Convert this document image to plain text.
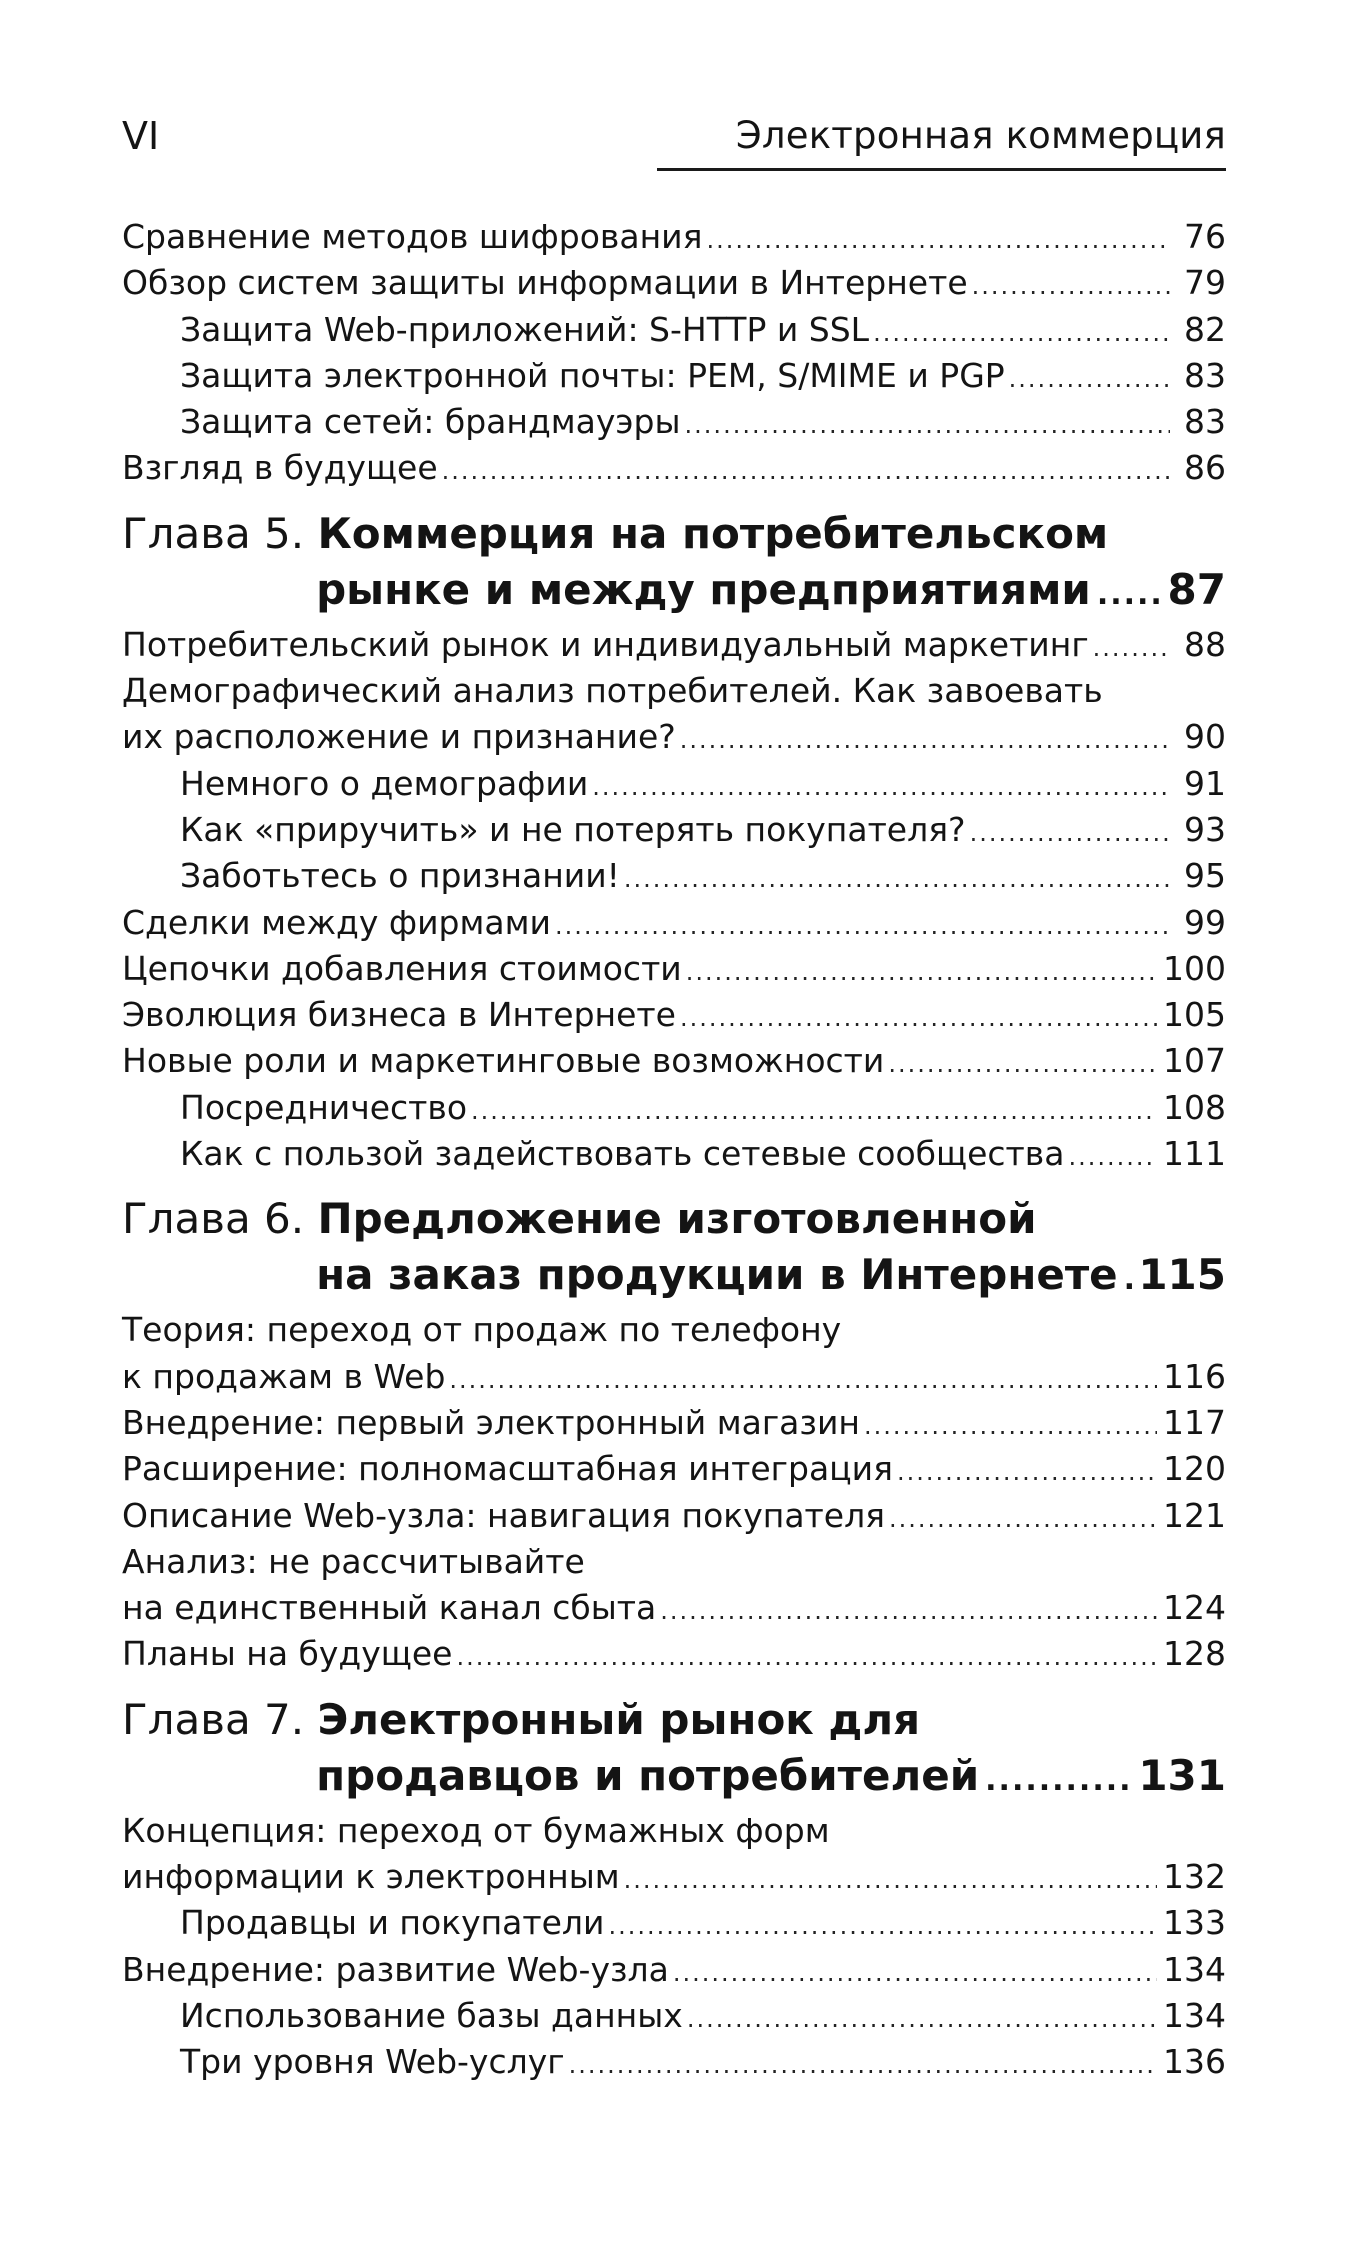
VI	Электронная коммерция
Сравнение методов шифрования .....	76
Обзор систем защиты информации в Интернете .....	79
Защита Web-приложений: S-HTTP и SSL .....	82
Защита электронной почты: PEM, S/MIME и PGP .....	83
Защита сетей: брандмауэры .....	83
Взгляд в будущее .....	86
Глава 5. Коммерция на потребительском
рынке и между предприятиями ..... 87
Потребительский рынок и индивидуальный маркетинг .....	88
Демографический анализ потребителей. Как завоевать
их расположение и признание? .....	90
Немного о демографии .....	91
Как «приручить» и не потерять покупателя? .....	93
Заботьтесь о признании! .....	95
Сделки между фирмами .....	99
Цепочки добавления стоимости .....	100
Эволюция бизнеса в Интернете .....	105
Новые роли и маркетинговые возможности .....	107
Посредничество .....	108
Как с пользой задействовать сетевые сообщества .....	111
Глава 6. Предложение изготовленной
на заказ продукции в Интернете ..... 115
Теория: переход от продаж по телефону
к продажам в Web .....	116
Внедрение: первый электронный магазин .....	117
Расширение: полномасштабная интеграция .....	120
Описание Web-узла: навигация покупателя .....	121
Анализ: не рассчитывайте
на единственный канал сбыта .....	124
Планы на будущее .....	128
Глава 7. Электронный рынок для
продавцов и потребителей .....	131
Концепция: переход от бумажных форм
информации к электронным .....	132
Продавцы и покупатели .....	133
Внедрение: развитие Web-узла .....	134
Использование базы данных .....	134
Три уровня Web-услуг .....	136
